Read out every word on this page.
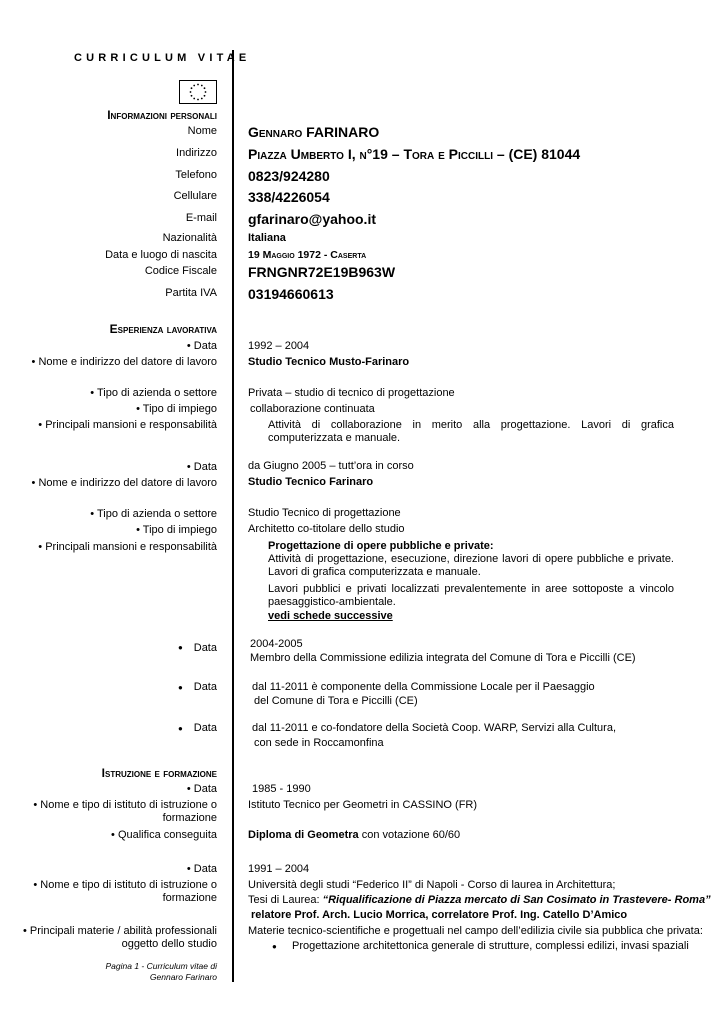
CURRICULUM VITAE
Informazioni personali
Nome Gennaro FARINARO
Indirizzo Piazza Umberto I, n°19 – Tora e Piccilli – (CE) 81044
Telefono 0823/924280
Cellulare 338/4226054
E-mail gfarinaro@yahoo.it
Nazionalità	Italiana
Data e luogo di nascita	19 Maggio 1972 - Caserta
Codice Fiscale FRNGNR72E19B963W
Partita IVA 03194660613
Esperienza lavorativa
• Data	1992 – 2004
• Nome e indirizzo del datore di lavoro	Studio Tecnico Musto-Farinaro
• Tipo di azienda o settore	Privata – studio di tecnico di progettazione
• Tipo di impiego	collaborazione continuata
• Principali mansioni e responsabilità	Attività di collaborazione in merito alla progettazione. Lavori di grafica computerizzata e manuale.
• Data	da Giugno 2005 – tutt’ora in corso
• Nome e indirizzo del datore di lavoro	Studio Tecnico Farinaro
• Tipo di azienda o settore	Studio Tecnico di progettazione
• Tipo di impiego	Architetto co-titolare dello studio
• Principali mansioni e responsabilità	Progettazione di opere pubbliche e private:
Attività di progettazione, esecuzione, direzione lavori di opere pubbliche e private. Lavori di grafica computerizzata e manuale.
Lavori pubblici e privati localizzati prevalentemente in aree sottoposte a vincolo paesaggistico-ambientale.
vedi schede successive
● Data	2004-2005
Membro della Commissione edilizia integrata del Comune di Tora e Piccilli (CE)
● Data	dal 11-2011 è componente della Commissione Locale per il Paesaggio
del Comune di Tora e Piccilli (CE)
● Data	dal 11-2011 e co-fondatore della Società Coop. WARP, Servizi alla Cultura,
con sede in Roccamonfina
Istruzione e formazione
• Data	1985 - 1990
• Nome e tipo di istituto di istruzione o formazione
Istituto Tecnico per Geometri in CASSINO (FR)
• Qualifica conseguita	Diploma di Geometra con votazione 60/60
• Data	1991 – 2004
• Nome e tipo di istituto di istruzione o formazione
Università degli studi “Federico II” di Napoli - Corso di laurea in Architettura;
Tesi di Laurea: “Riqualificazione di Piazza mercato di San Cosimato in Trastevere- Roma”
relatore Prof. Arch. Lucio Morrica, correlatore Prof. Ing. Catello D’Amico
• Principali materie / abilità professionali oggetto dello studio
Materie tecnico-scientifiche e progettuali nel campo dell’edilizia civile sia pubblica che privata:
● Progettazione architettonica generale di strutture, complessi edilizi, invasi spaziali
Pagina 1 - Curriculum vitae di
Gennaro Farinaro
